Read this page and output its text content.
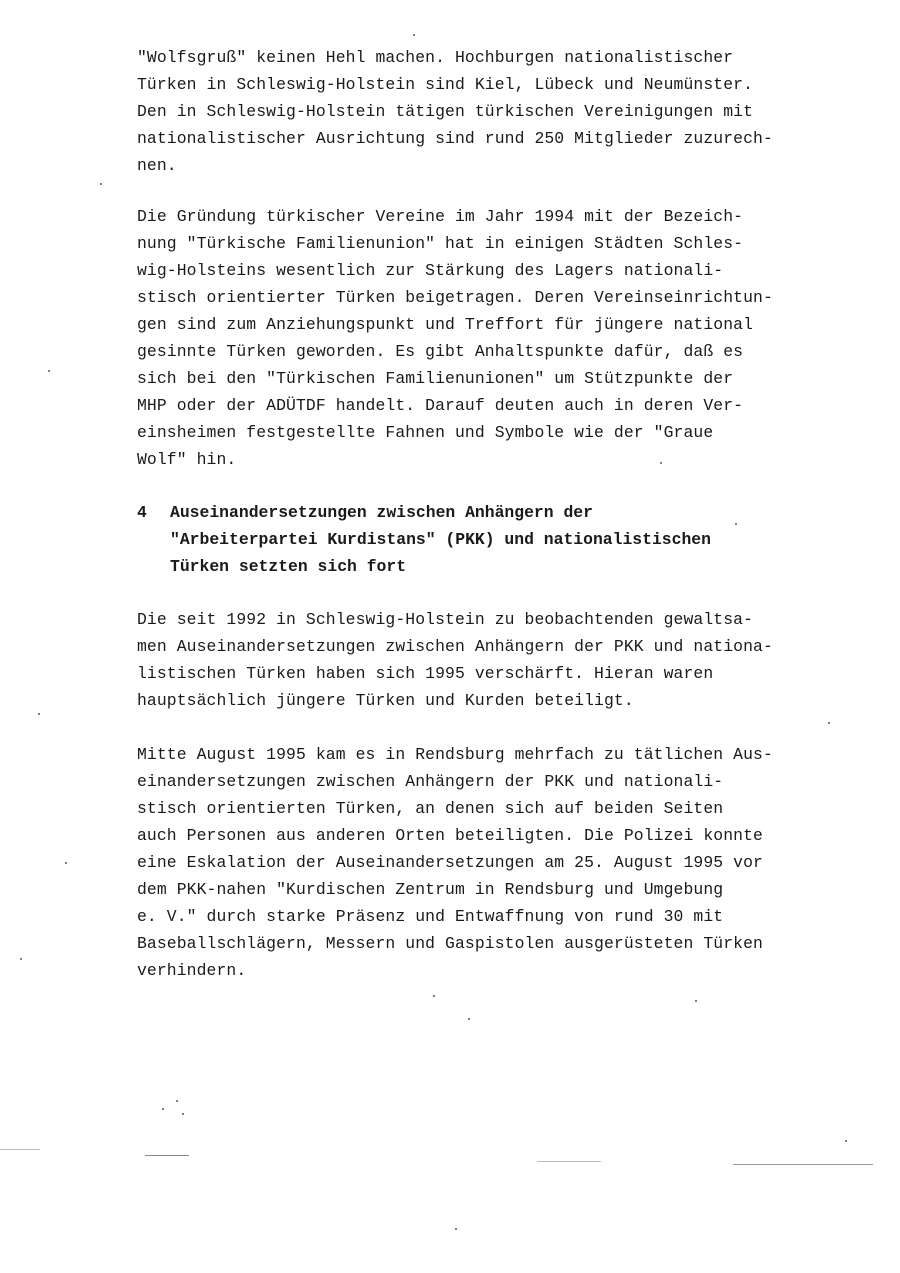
"Wolfsgruß" keinen Hehl machen. Hochburgen nationalistischer
Türken in Schleswig-Holstein sind Kiel, Lübeck und Neumünster.
Den in Schleswig-Holstein tätigen türkischen Vereinigungen mit
nationalistischer Ausrichtung sind rund 250 Mitglieder zuzurech-
nen.
Die Gründung türkischer Vereine im Jahr 1994 mit der Bezeich-
nung "Türkische Familienunion" hat in einigen Städten Schles-
wig-Holsteins wesentlich zur Stärkung des Lagers nationali-
stisch orientierter Türken beigetragen. Deren Vereinseinrichtun-
gen sind zum Anziehungspunkt und Treffort für jüngere national
gesinnte Türken geworden. Es gibt Anhaltspunkte dafür, daß es
sich bei den "Türkischen Familienunionen" um Stützpunkte der
MHP oder der ADÜTDF handelt. Darauf deuten auch in deren Ver-
einsheimen festgestellte Fahnen und Symbole wie der "Graue
Wolf" hin.
4 Auseinandersetzungen zwischen Anhängern der
"Arbeiterpartei Kurdistans" (PKK) und nationalistischen
Türken setzten sich fort
Die seit 1992 in Schleswig-Holstein zu beobachtenden gewaltsa-
men Auseinandersetzungen zwischen Anhängern der PKK und nationa-
listischen Türken haben sich 1995 verschärft. Hieran waren
hauptsächlich jüngere Türken und Kurden beteiligt.
Mitte August 1995 kam es in Rendsburg mehrfach zu tätlichen Aus-
einandersetzungen zwischen Anhängern der PKK und nationali-
stisch orientierten Türken, an denen sich auf beiden Seiten
auch Personen aus anderen Orten beteiligten. Die Polizei konnte
eine Eskalation der Auseinandersetzungen am 25. August 1995 vor
dem PKK-nahen "Kurdischen Zentrum in Rendsburg und Umgebung
e. V." durch starke Präsenz und Entwaffnung von rund 30 mit
Baseballschlägern, Messern und Gaspistolen ausgerüsteten Türken
verhindern.
